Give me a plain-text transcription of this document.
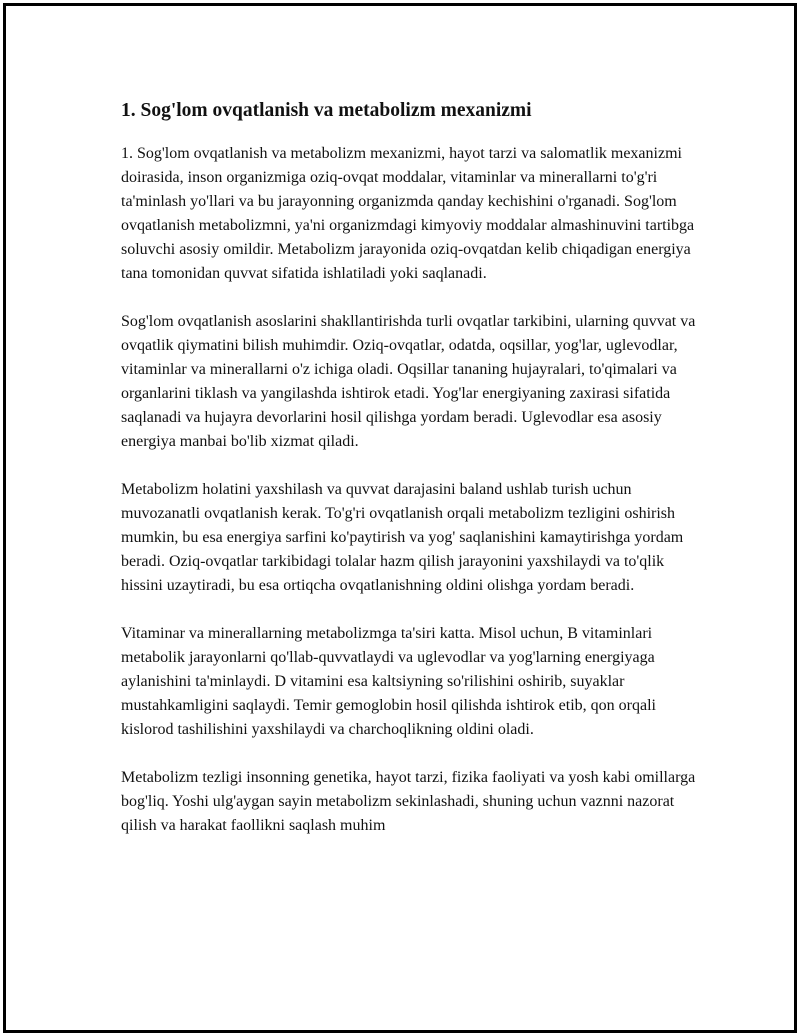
1. Sog'lom ovqatlanish va metabolizm mexanizmi

1. Sog'lom ovqatlanish va metabolizm mexanizmi, hayot tarzi va salomatlik mexanizmi doirasida, inson organizmiga oziq-ovqat moddalar, vitaminlar va minerallarni to'g'ri ta'minlash yo'llari va bu jarayonning organizmda qanday kechishini o'rganadi. Sog'lom ovqatlanish metabolizmni, ya'ni organizmdagi kimyoviy moddalar almashinuvini tartibga soluvchi asosiy omildir. Metabolizm jarayonida oziq-ovqatdan kelib chiqadigan energiya tana tomonidan quvvat sifatida ishlatiladi yoki saqlanadi.

Sog'lom ovqatlanish asoslarini shakllantirishda turli ovqatlar tarkibini, ularning quvvat va ovqatlik qiymatini bilish muhimdir. Oziq-ovqatlar, odatda, oqsillar, yog'lar, uglevodlar, vitaminlar va minerallarni o'z ichiga oladi. Oqsillar tananing hujayralari, to'qimalari va organlarini tiklash va yangilashda ishtirok etadi. Yog'lar energiyaning zaxirasi sifatida saqlanadi va hujayra devorlarini hosil qilishga yordam beradi. Uglevodlar esa asosiy energiya manbai bo'lib xizmat qiladi.

Metabolizm holatini yaxshilash va quvvat darajasini baland ushlab turish uchun muvozanatli ovqatlanish kerak. To'g'ri ovqatlanish orqali metabolizm tezligini oshirish mumkin, bu esa energiya sarfini ko'paytirish va yog' saqlanishini kamaytirishga yordam beradi. Oziq-ovqatlar tarkibidagi tolalar hazm qilish jarayonini yaxshilaydi va to'qlik hissini uzaytiradi, bu esa ortiqcha ovqatlanishning oldini olishga yordam beradi.

Vitaminar va minerallarning metabolizmga ta'siri katta. Misol uchun, B vitaminlari metabolik jarayonlarni qo'llab-quvvatlaydi va uglevodlar va yog'larning energiyaga aylanishini ta'minlaydi. D vitamini esa kaltsiyning so'rilishini oshirib, suyaklar mustahkamligini saqlaydi. Temir gemoglobin hosil qilishda ishtirok etib, qon orqali kislorod tashilishini yaxshilaydi va charchoqlikning oldini oladi.

Metabolizm tezligi insonning genetika, hayot tarzi, fizika faoliyati va yosh kabi omillarga bog'liq. Yoshi ulg'aygan sayin metabolizm sekinlashadi, shuning uchun vaznni nazorat qilish va harakat faollikni saqlash muhim
